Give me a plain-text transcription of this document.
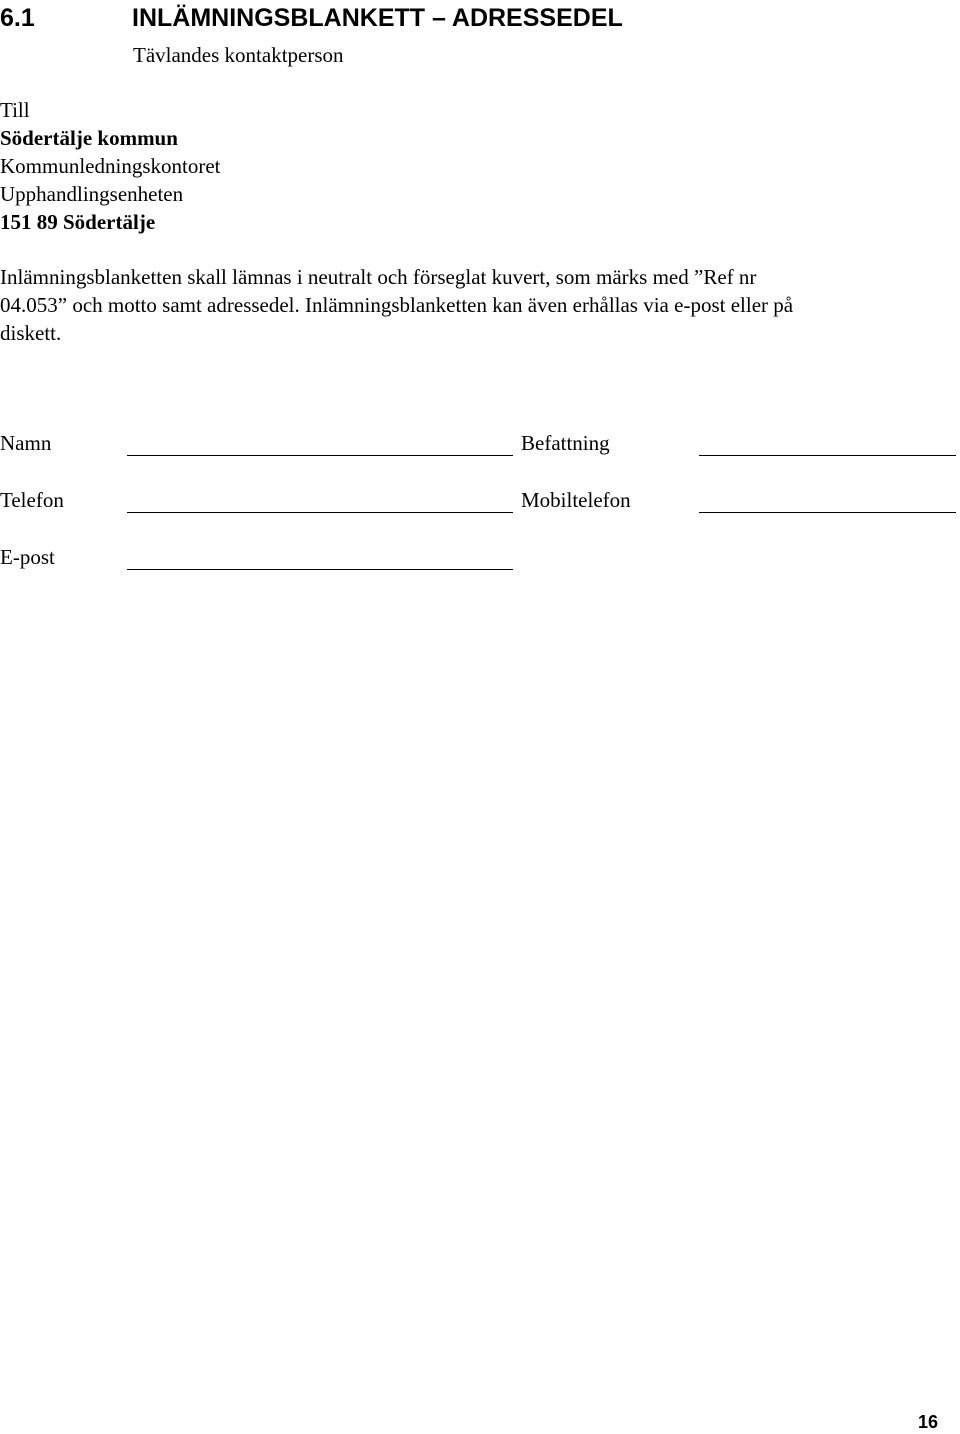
6.1	INLÄMNINGSBLANKETT – ADRESSEDEL
Tävlandes kontaktperson
Till
Södertälje kommun
Kommunledningskontoret
Upphandlingsenheten
151 89 Södertälje

Inlämningsblanketten skall lämnas i neutralt och förseglat kuvert, som märks med ”Ref nr
04.053” och motto samt adressedel. Inlämningsblanketten kan även erhållas via e-post eller på
diskett.

Namn	Befattning
Telefon	Mobiltelefon
E-post
16
